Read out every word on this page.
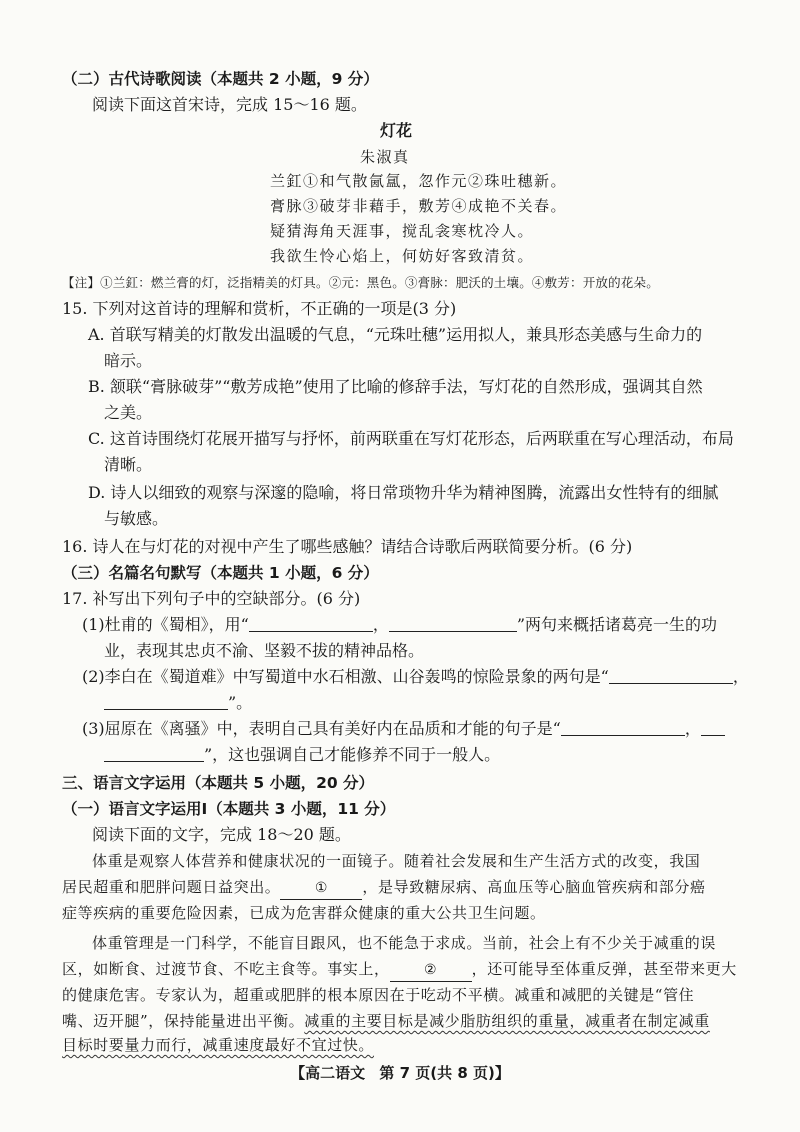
（二）古代诗歌阅读（本题共 2 小题，9 分）
阅读下面这首宋诗，完成 15～16 题。
灯花
朱淑真
兰釭①和气散氤氲，忽作元②珠吐穗新。
膏脉③破芽非藉手，敷芳④成艳不关春。
疑猜海角天涯事，搅乱衾寒枕冷人。
我欲生怜心焰上，何妨好客致清贫。
【注】①兰釭：燃兰膏的灯，泛指精美的灯具。②元：黑色。③膏脉：肥沃的土壤。④敷芳：开放的花朵。
15. 下列对这首诗的理解和赏析，不正确的一项是(3 分)
A. 首联写精美的灯散发出温暖的气息，“元珠吐穗”运用拟人，兼具形态美感与生命力的
暗示。
B. 颔联“膏脉破芽”“敷芳成艳”使用了比喻的修辞手法，写灯花的自然形成，强调其自然
之美。
C. 这首诗围绕灯花展开描写与抒怀，前两联重在写灯花形态，后两联重在写心理活动，布局
清晰。
D. 诗人以细致的观察与深邃的隐喻，将日常琐物升华为精神图腾，流露出女性特有的细腻
与敏感。
16. 诗人在与灯花的对视中产生了哪些感触？请结合诗歌后两联简要分析。(6 分)
（三）名篇名句默写（本题共 1 小题，6 分）
17. 补写出下列句子中的空缺部分。(6 分)
(1)杜甫的《蜀相》，用“	，	”两句来概括诸葛亮一生的功
业，表现其忠贞不渝、坚毅不拔的精神品格。
(2)李白在《蜀道难》中写蜀道中水石相激、山谷轰鸣的惊险景象的两句是“	，
”。
(3)屈原在《离骚》中，表明自己具有美好内在品质和才能的句子是“	，
”，这也强调自己才能修养不同于一般人。
三、语言文字运用（本题共 5 小题，20 分）
（一）语言文字运用Ⅰ（本题共 3 小题，11 分）
阅读下面的文字，完成 18～20 题。
体重是观察人体营养和健康状况的一面镜子。随着社会发展和生产生活方式的改变，我国
居民超重和肥胖问题日益突出。 ① ，是导致糖尿病、高血压等心脑血管疾病和部分癌
症等疾病的重要危险因素，已成为危害群众健康的重大公共卫生问题。
体重管理是一门科学，不能盲目跟风，也不能急于求成。当前，社会上有不少关于减重的误
区，如断食、过渡节食、不吃主食等。事实上， ② ，还可能导至体重反弹，甚至带来更大
的健康危害。专家认为，超重或肥胖的根本原因在于吃动不平横。减重和减肥的关键是“管住
嘴、迈开腿”，保持能量进出平衡。减重的主要目标是减少脂肪组织的重量，减重者在制定减重
目标时要量力而行，减重速度最好不宜过快。
【高二语文 第 7 页(共 8 页)】
